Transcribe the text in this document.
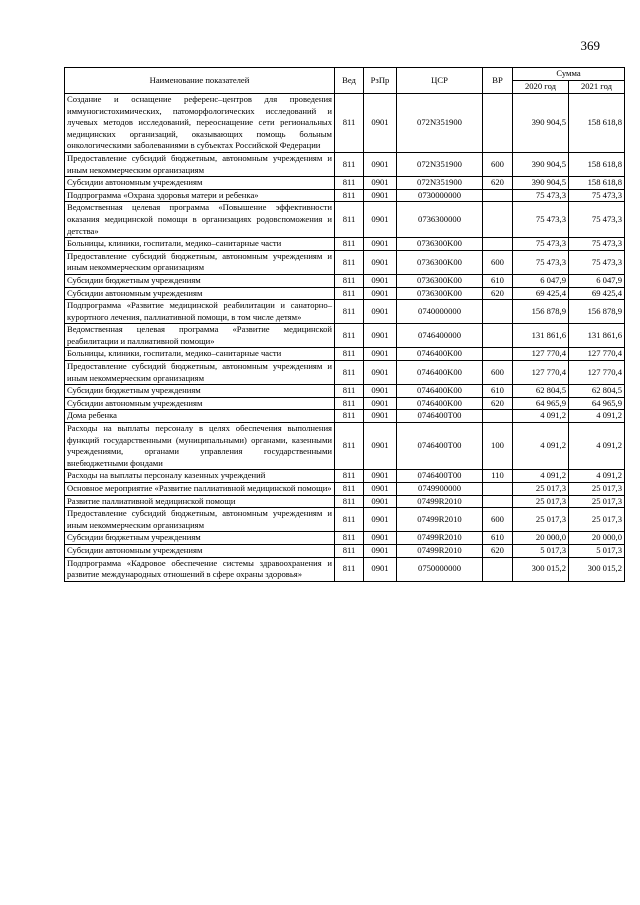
369
Наименование показателей	Вед	РзПр	ЦСР	ВР	Сумма	
					2020 год	2021 год
Создание и оснащение референс–центров для проведения иммуногистохимических, патоморфологических исследований и лучевых методов исследований, переоснащение сети региональных медицинских организаций, оказывающих помощь больным онкологическими заболеваниями в субъектах Российской Федерации	811	0901	072N351900		390 904,5	158 618,8
Предоставление субсидий бюджетным, автономным учреждениям и иным некоммерческим организациям	811	0901	072N351900	600	390 904,5	158 618,8
Субсидии автономным учреждениям	811	0901	072N351900	620	390 904,5	158 618,8
Подпрограмма «Охрана здоровья матери и ребенка»	811	0901	0730000000		75 473,3	75 473,3
Ведомственная целевая программа «Повышение эффективности оказания медицинской помощи в организациях родовспоможения и детства»	811	0901	0736300000		75 473,3	75 473,3
Больницы, клиники, госпитали, медико–санитарные части	811	0901	0736300K00		75 473,3	75 473,3
Предоставление субсидий бюджетным, автономным учреждениям и иным некоммерческим организациям	811	0901	0736300K00	600	75 473,3	75 473,3
Субсидии бюджетным учреждениям	811	0901	0736300K00	610	6 047,9	6 047,9
Субсидии автономным учреждениям	811	0901	0736300K00	620	69 425,4	69 425,4
Подпрограмма «Развитие медицинской реабилитации и санаторно–курортного лечения, паллиативной помощи, в том числе детям»	811	0901	0740000000		156 878,9	156 878,9
Ведомственная целевая программа «Развитие медицинской реабилитации и паллиативной помощи»	811	0901	0746400000		131 861,6	131 861,6
Больницы, клиники, госпитали, медико–санитарные части	811	0901	0746400K00		127 770,4	127 770,4
Предоставление субсидий бюджетным, автономным учреждениям и иным некоммерческим организациям	811	0901	0746400K00	600	127 770,4	127 770,4
Субсидии бюджетным учреждениям	811	0901	0746400K00	610	62 804,5	62 804,5
Субсидии автономным учреждениям	811	0901	0746400K00	620	64 965,9	64 965,9
Дома ребенка	811	0901	0746400T00		4 091,2	4 091,2
Расходы на выплаты персоналу в целях обеспечения выполнения функций государственными (муниципальными) органами, казенными учреждениями, органами управления государственными внебюджетными фондами	811	0901	0746400T00	100	4 091,2	4 091,2
Расходы на выплаты персоналу казенных учреждений	811	0901	0746400T00	110	4 091,2	4 091,2
Основное мероприятие «Развитие паллиативной медицинской помощи»	811	0901	0749900000		25 017,3	25 017,3
Развитие паллиативной медицинской помощи	811	0901	07499R2010		25 017,3	25 017,3
Предоставление субсидий бюджетным, автономным учреждениям и иным некоммерческим организациям	811	0901	07499R2010	600	25 017,3	25 017,3
Субсидии бюджетным учреждениям	811	0901	07499R2010	610	20 000,0	20 000,0
Субсидии автономным учреждениям	811	0901	07499R2010	620	5 017,3	5 017,3
Подпрограмма «Кадровое обеспечение системы здравоохранения и развитие международных отношений в сфере охраны здоровья»	811	0901	0750000000		300 015,2	300 015,2
